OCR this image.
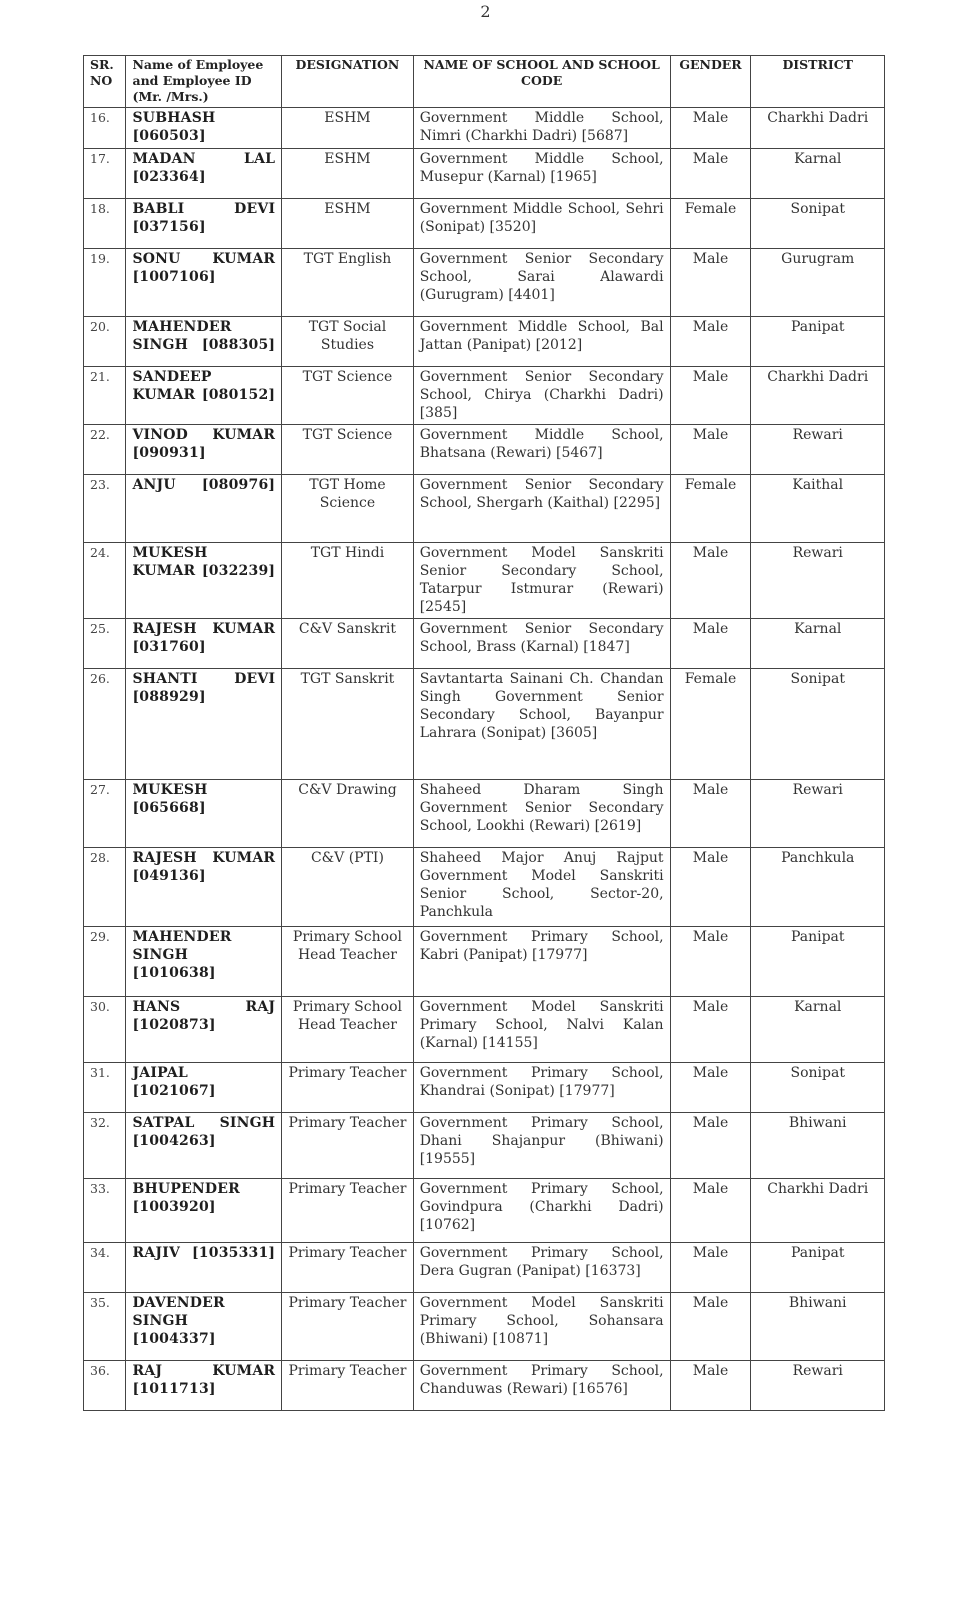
2
SR. NO	Name of Employee and Employee ID (Mr. /Mrs.)	DESIGNATION	NAME OF SCHOOL AND SCHOOL CODE	GENDER	DISTRICT
16.	SUBHASH [060503]	ESHM	Government Middle School, Nimri (Charkhi Dadri) [5687]	Male	Charkhi Dadri
17.	MADAN LAL [023364]	ESHM	Government Middle School, Musepur (Karnal) [1965]	Male	Karnal
18.	BABLI DEVI [037156]	ESHM	Government Middle School, Sehri (Sonipat) [3520]	Female	Sonipat
19.	SONU KUMAR [1007106]	TGT English	Government Senior Secondary School, Sarai Alawardi (Gurugram) [4401]	Male	Gurugram
20.	MAHENDER SINGH [088305]	TGT Social Studies	Government Middle School, Bal Jattan (Panipat) [2012]	Male	Panipat
21.	SANDEEP KUMAR [080152]	TGT Science	Government Senior Secondary School, Chirya (Charkhi Dadri) [385]	Male	Charkhi Dadri
22.	VINOD KUMAR [090931]	TGT Science	Government Middle School, Bhatsana (Rewari) [5467]	Male	Rewari
23.	ANJU [080976]	TGT Home Science	Government Senior Secondary School, Shergarh (Kaithal) [2295]	Female	Kaithal
24.	MUKESH KUMAR [032239]	TGT Hindi	Government Model Sanskriti Senior Secondary School, Tatarpur Istmurar (Rewari) [2545]	Male	Rewari
25.	RAJESH KUMAR [031760]	C&V Sanskrit	Government Senior Secondary School, Brass (Karnal) [1847]	Male	Karnal
26.	SHANTI DEVI [088929]	TGT Sanskrit	Savtantarta Sainani Ch. Chandan Singh Government Senior Secondary School, Bayanpur Lahrara (Sonipat) [3605]	Female	Sonipat
27.	MUKESH [065668]	C&V Drawing	Shaheed Dharam Singh Government Senior Secondary School, Lookhi (Rewari) [2619]	Male	Rewari
28.	RAJESH KUMAR [049136]	C&V (PTI)	Shaheed Major Anuj Rajput Government Model Sanskriti Senior School, Sector-20, Panchkula	Male	Panchkula
29.	MAHENDER SINGH [1010638]	Primary School Head Teacher	Government Primary School, Kabri (Panipat) [17977]	Male	Panipat
30.	HANS RAJ [1020873]	Primary School Head Teacher	Government Model Sanskriti Primary School, Nalvi Kalan (Karnal) [14155]	Male	Karnal
31.	JAIPAL [1021067]	Primary Teacher	Government Primary School, Khandrai (Sonipat) [17977]	Male	Sonipat
32.	SATPAL SINGH [1004263]	Primary Teacher	Government Primary School, Dhani Shajanpur (Bhiwani) [19555]	Male	Bhiwani
33.	BHUPENDER [1003920]	Primary Teacher	Government Primary School, Govindpura (Charkhi Dadri) [10762]	Male	Charkhi Dadri
34.	RAJIV [1035331]	Primary Teacher	Government Primary School, Dera Gugran (Panipat) [16373]	Male	Panipat
35.	DAVENDER SINGH [1004337]	Primary Teacher	Government Model Sanskriti Primary School, Sohansara (Bhiwani) [10871]	Male	Bhiwani
36.	RAJ KUMAR [1011713]	Primary Teacher	Government Primary School, Chanduwas (Rewari) [16576]	Male	Rewari
